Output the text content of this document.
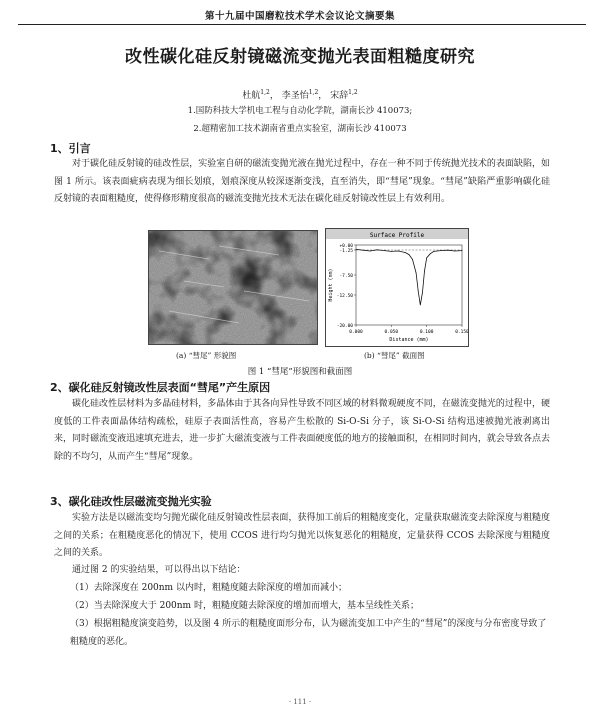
第十九届中国磨粒技术学术会议论文摘要集
改性碳化硅反射镜磁流变抛光表面粗糙度研究
杜航$^{1,2}$， 李圣怡$^{1,2}$， 宋辞$^{1,2}$
1.国防科技大学机电工程与自动化学院，湖南长沙 410073;
2.超精密加工技术湖南省重点实验室，湖南长沙 410073
1、引言

对于碳化硅反射镜的硅改性层，实验室自研的磁流变抛光液在抛光过程中，存在一种不同于传统抛光技术的表面缺陷，如图 1 所示。该表面疵病表现为细长划痕，划痕深度从较深逐渐变浅，直至消失，即“彗尾”现象。“彗尾”缺陷严重影响碳化硅反射镜的表面粗糙度，使得修形精度很高的磁流变抛光技术无法在碳化硅反射镜改性层上有效利用。

Surface Profile
+0.00
-1.25
-7.50
-12.50
-20.00
0.000	0.050	0.100	0.150
Distance (mm)
Height (nm)
(a) “彗尾” 形貌图	(b) “彗尾” 截面图
图 1 “彗尾”形貌图和截面图
2、碳化硅反射镜改性层表面“彗尾”产生原因

碳化硅改性层材料为多晶硅材料，多晶体由于其各向异性导致不同区域的材料微观硬度不同，在磁流变抛光的过程中，硬度低的工件表面晶体结构疏松，硅原子表面活性高，容易产生松散的 Si-O-Si 分子，该 Si-O-Si 结构迅速被抛光液剥离出来，同时磁流变液迅速填充进去，进一步扩大磁流变液与工件表面硬度低的地方的接触面积，在相同时间内，就会导致各点去除的不均匀，从而产生“彗尾”现象。

3、碳化硅改性层磁流变抛光实验

实验方法是以磁流变均匀抛光碳化硅反射镜改性层表面，获得加工前后的粗糙度变化，定量获取磁流变去除深度与粗糙度之间的关系；在粗糙度恶化的情况下，使用 CCOS 进行均匀抛光以恢复恶化的粗糙度，定量获得 CCOS 去除深度与粗糙度之间的关系。

通过图 2 的实验结果，可以得出以下结论：

（1）去除深度在 200nm 以内时，粗糙度随去除深度的增加而减小；
（2）当去除深度大于 200nm 时，粗糙度随去除深度的增加而增大，基本呈线性关系；
（3）根据粗糙度演变趋势，以及图 4 所示的粗糙度面形分布，认为磁流变加工中产生的“彗尾”的深度与分布密度导致了粗糙度的恶化。
· 111 ·
